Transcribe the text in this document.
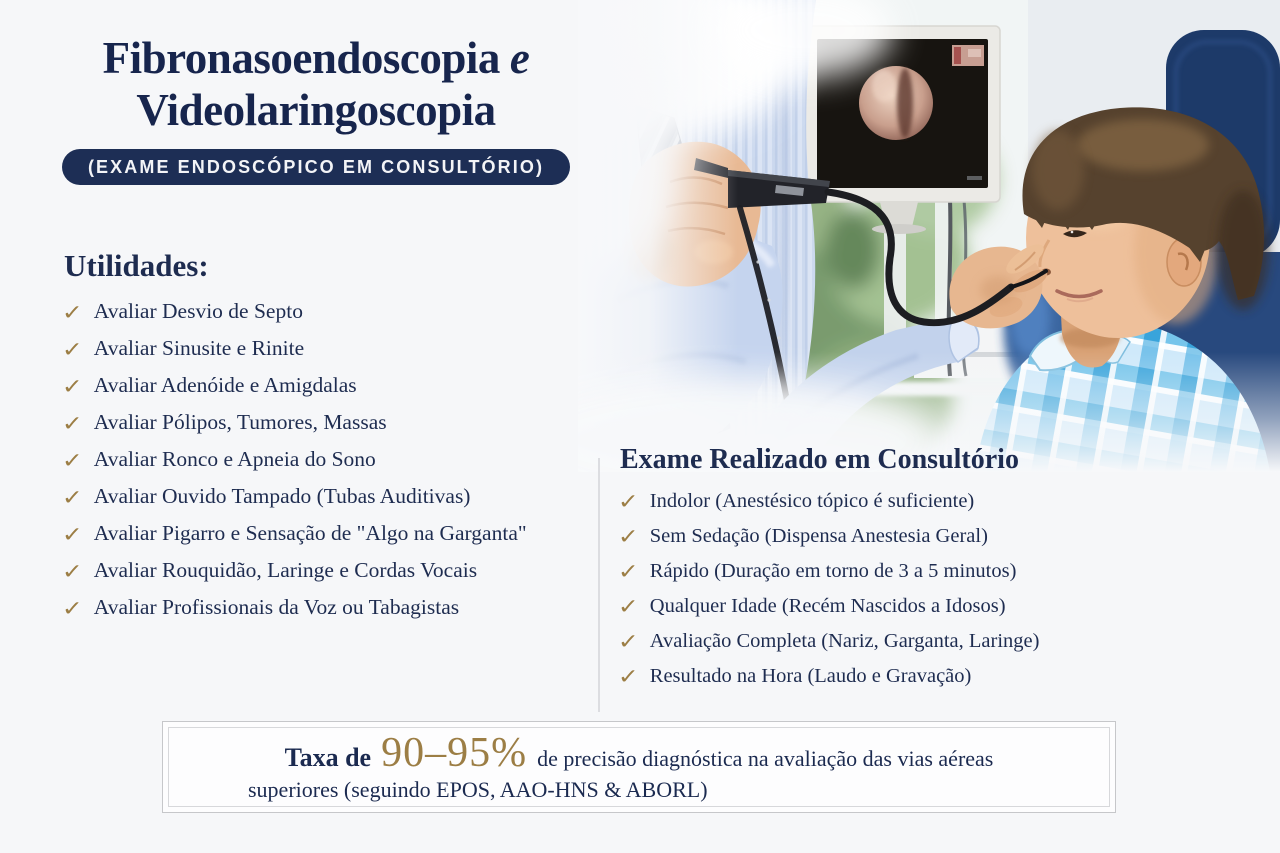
Fibronasoendoscopia e
Videolaringoscopia
(EXAME ENDOSCÓPICO EM CONSULTÓRIO)
Utilidades:
✓ Avaliar Desvio de Septo
✓ Avaliar Sinusite e Rinite
✓ Avaliar Adenóide e Amigdalas
✓ Avaliar Pólipos, Tumores, Massas
✓ Avaliar Ronco e Apneia do Sono
✓ Avaliar Ouvido Tampado (Tubas Auditivas)
✓ Avaliar Pigarro e Sensação de "Algo na Garganta"
✓ Avaliar Rouquidão, Laringe e Cordas Vocais
✓ Avaliar Profissionais da Voz ou Tabagistas
Exame Realizado em Consultório
✓ Indolor (Anestésico tópico é suficiente)
✓ Sem Sedação (Dispensa Anestesia Geral)
✓ Rápido (Duração em torno de 3 a 5 minutos)
✓ Qualquer Idade (Recém Nascidos a Idosos)
✓ Avaliação Completa (Nariz, Garganta, Laringe)
✓ Resultado na Hora (Laudo e Gravação)
Taxa de 90–95% de precisão diagnóstica na avaliação das vias aéreas
superiores (seguindo EPOS, AAO-HNS & ABORL)
